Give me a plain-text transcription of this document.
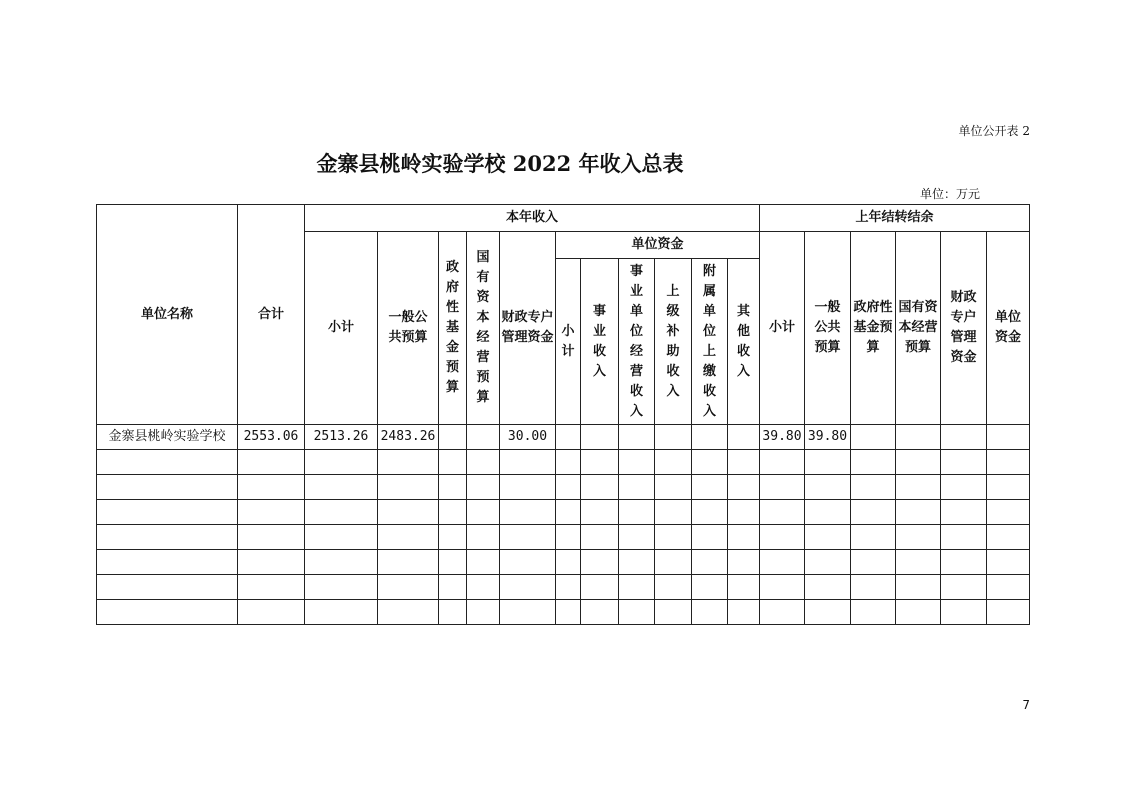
单位公开表 2
金寨县桃岭实验学校 2022 年收入总表
单位：万元
单位名称	合计	本年收入											上年结转结余					

		小计	一般公共预算	政府性基金预算	国有资本经营预算	财政专户管理资金	单位资金						小计	一般公共预算	政府性基金预算	国有资本经营预算	财政专户管理资金	单位资金

							小计	事业收入	事业单位经营收入	上级补助收入	附属单位上缴收入	其他收入						

金寨县桃岭实验学校	2553.06	2513.26	2483.26			30.00							39.80	39.80				

7
